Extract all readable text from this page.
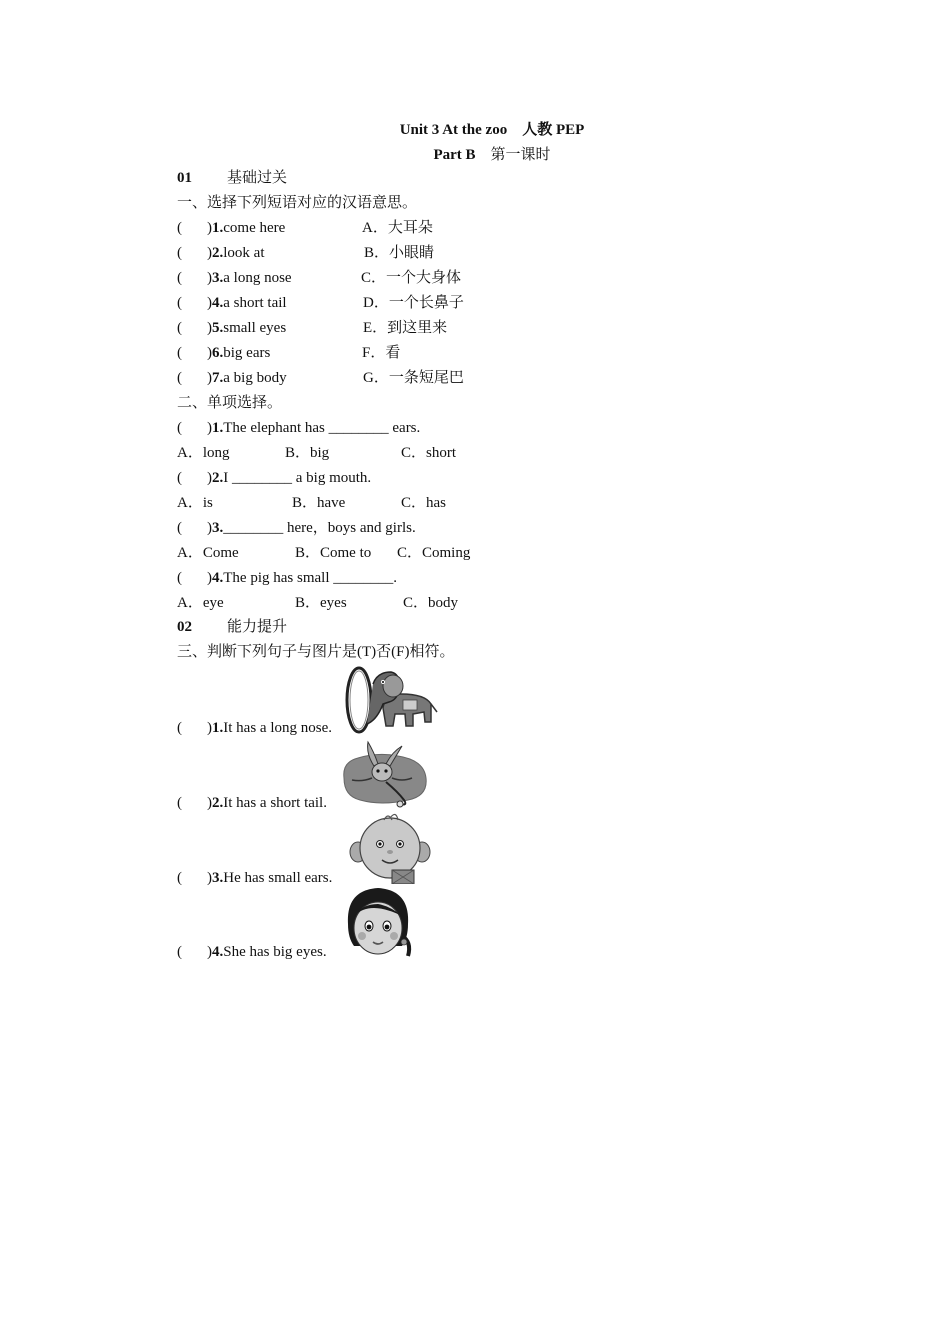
Unit 3 At the zoo　人教 PEP
Part B　 第一课时
01 基础过关
一、选择下列短语对应的汉语意思。
( )1.come here	A．大耳朵
( )2.look at	B．小眼睛
( )3.a long nose	C．一个大身体
( )4.a short tail	D．一个长鼻子
( )5.small eyes	E．到这里来
( )6.big ears	F．看
( )7.a big body	G．一条短尾巴
二、单项选择。
( )1.The elephant has ________ ears.
A．long	B．big	C．short
( )2.I ________ a big mouth.
A．is	B．have	C．has
( )3.________ here，boys and girls.
A．Come	B．Come to C．Coming
( )4.The pig has small ________.
A．eye	B．eyes	C．body
02 能力提升
三、判断下列句子与图片是(T)否(F)相符。
( )1.It has a long nose.
( )2.It has a short tail.
( )3.He has small ears.
( )4.She has big eyes.
